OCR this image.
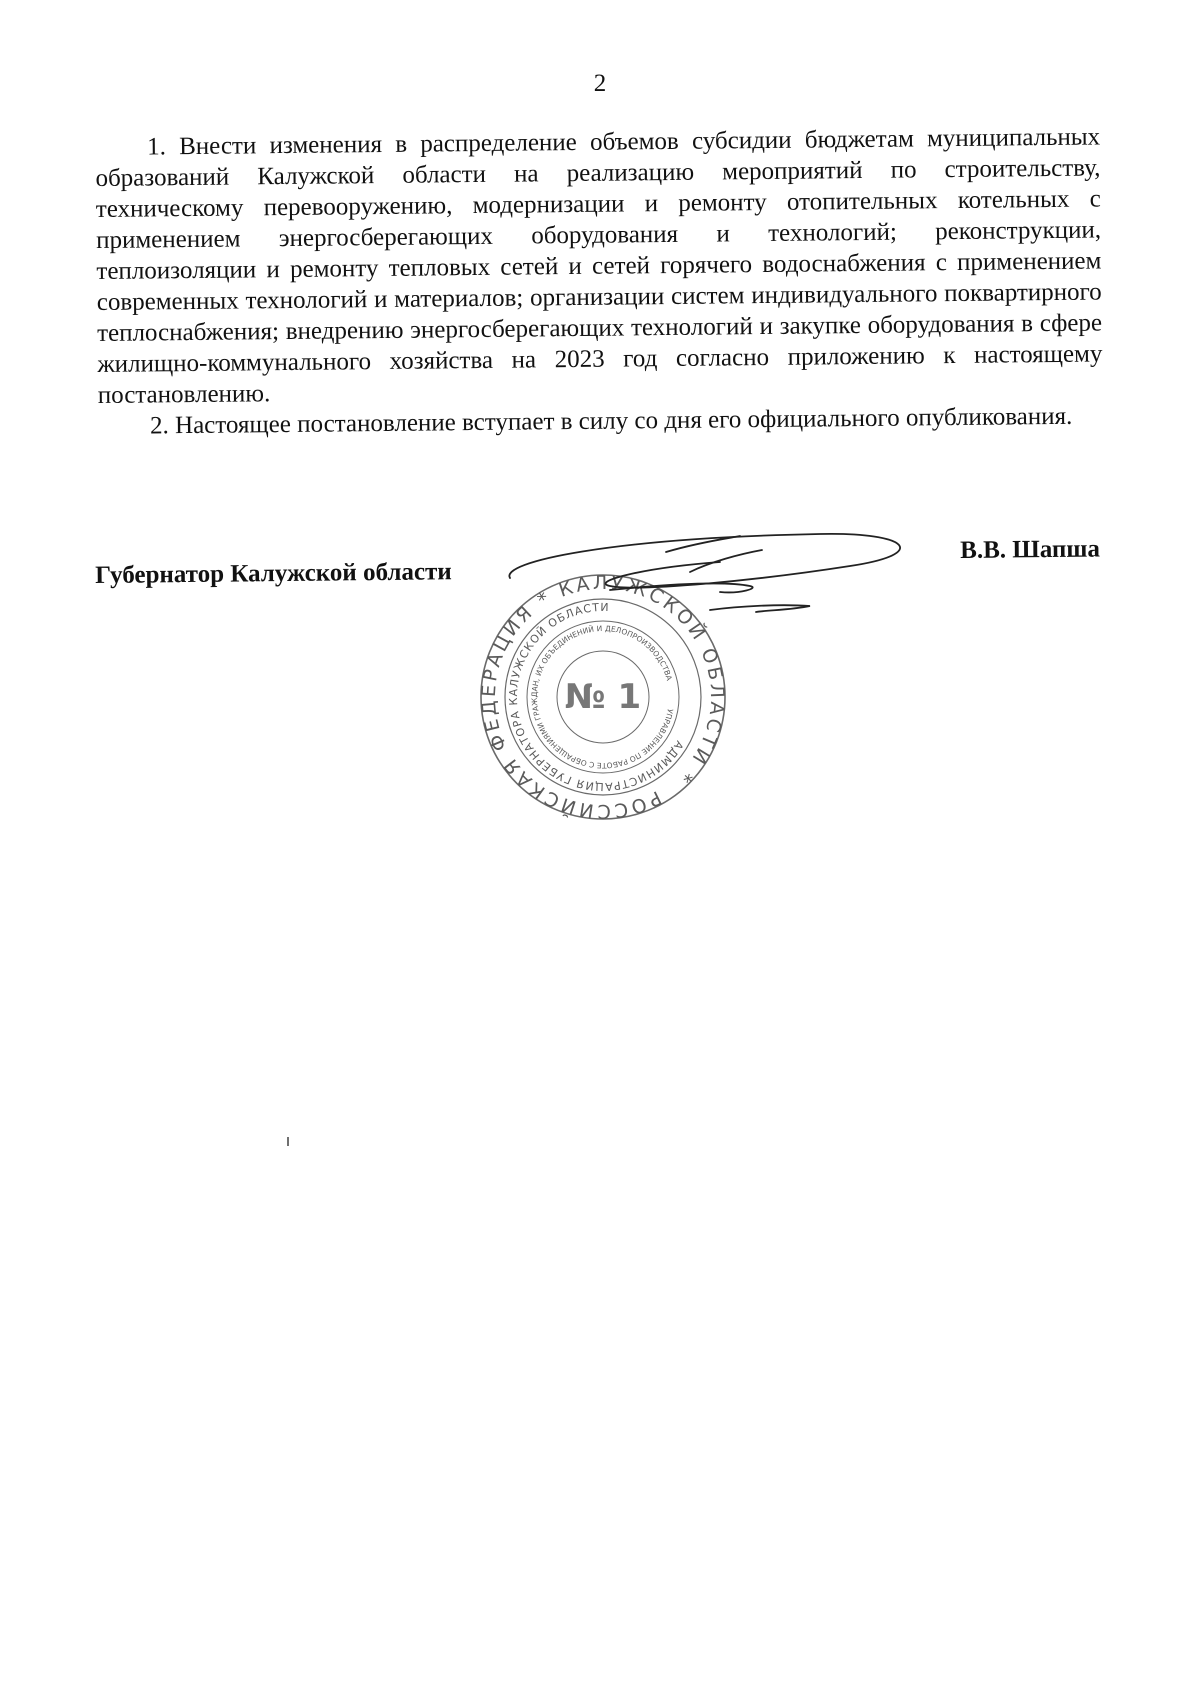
2

1. Внести изменения в распределение объемов субсидии бюджетам муниципальных образований Калужской области на реализацию мероприятий по строительству, техническому перевооружению, модернизации и ремонту отопительных котельных с применением энергосберегающих оборудования и технологий; реконструкции, теплоизоляции и ремонту тепловых сетей и сетей горячего водоснабжения с применением современных технологий и материалов; организации систем индивидуального поквартирного теплоснабжения; внедрению энергосберегающих технологий и закупке оборудования в сфере жилищно-коммунального хозяйства на 2023 год согласно приложению к настоящему постановлению.

2. Настоящее постановление вступает в силу со дня его официального опубликования.

Губернатор Калужской области
В.В. Шапша
РОССИЙСКАЯ ФЕДЕРАЦИЯ * КАЛУЖСКОЙ ОБЛАСТИ *
АДМИНИСТРАЦИЯ ГУБЕРНАТОРА КАЛУЖСКОЙ ОБЛАСТИ
УПРАВЛЕНИЕ ПО РАБОТЕ С ОБРАЩЕНИЯМИ ГРАЖДАН, ИХ ОБЪЕДИНЕНИЙ И ДЕЛОПРОИЗВОДСТВА
№ 1
